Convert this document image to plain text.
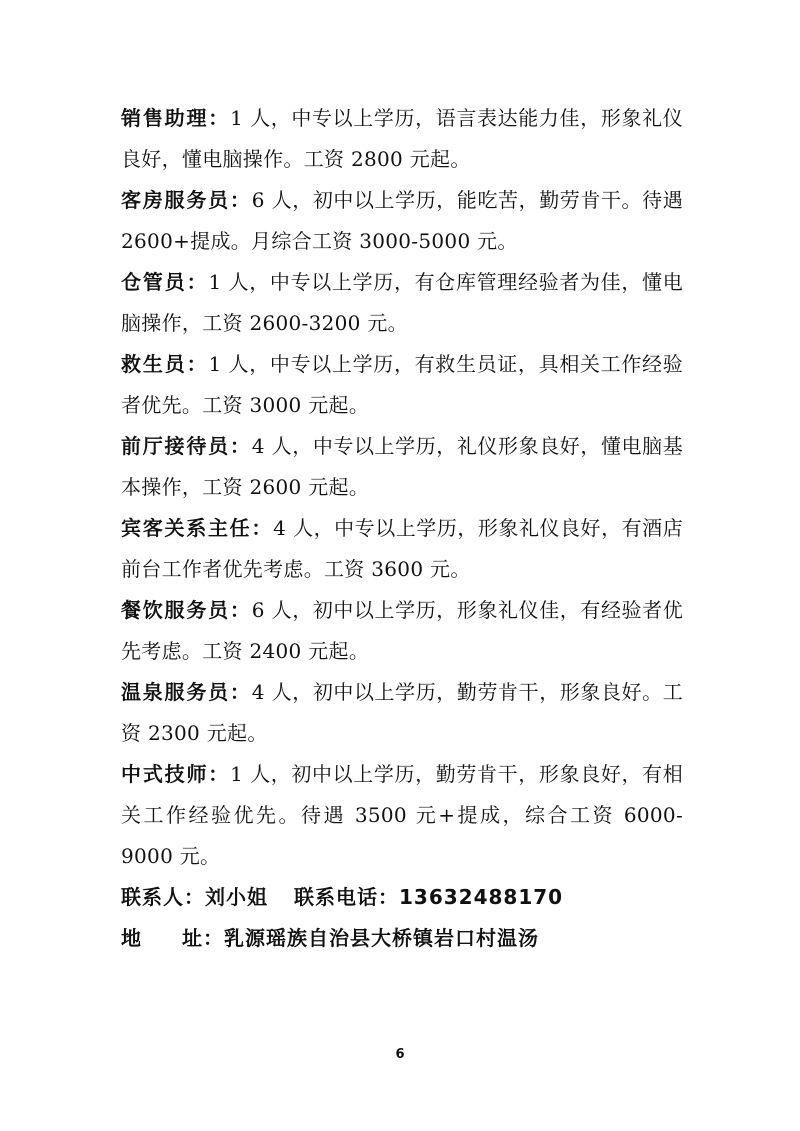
销售助理：1 人，中专以上学历，语言表达能力佳，形象礼仪良好，懂电脑操作。工资 2800 元起。

客房服务员：6 人，初中以上学历，能吃苦，勤劳肯干。待遇 2600+提成。月综合工资 3000-5000 元。

仓管员：1 人，中专以上学历，有仓库管理经验者为佳，懂电脑操作，工资 2600-3200 元。

救生员：1 人，中专以上学历，有救生员证，具相关工作经验者优先。工资 3000 元起。

前厅接待员：4 人，中专以上学历，礼仪形象良好，懂电脑基本操作，工资 2600 元起。

宾客关系主任：4 人，中专以上学历，形象礼仪良好，有酒店前台工作者优先考虑。工资 3600 元。

餐饮服务员：6 人，初中以上学历，形象礼仪佳，有经验者优先考虑。工资 2400 元起。

温泉服务员：4 人，初中以上学历，勤劳肯干，形象良好。工资 2300 元起。

中式技师：1 人，初中以上学历，勤劳肯干，形象良好，有相关工作经验优先。待遇 3500 元+提成，综合工资 6000-9000 元。

联系人：刘小姐 联系电话：13632488170

地 址：乳源瑶族自治县大桥镇岩口村温汤

6
